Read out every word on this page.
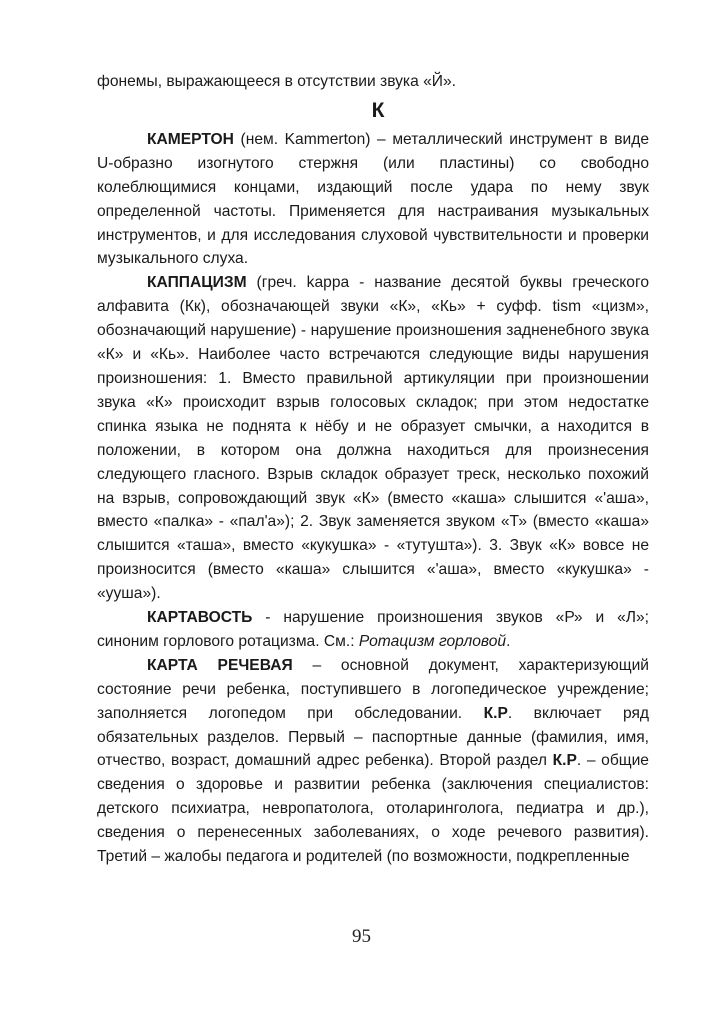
фонемы, выражающееся в отсутствии звука «Й».

К

КАМЕРТОН (нем. Kammerton) – металлический инструмент в виде U-образно изогнутого стержня (или пластины) со свободно колеблющимися концами, издающий после удара по нему звук определенной частоты. Применяется для настраивания музыкальных инструментов, и для исследования слуховой чувствительности и проверки музыкального слуха.

КАППАЦИЗМ (греч. kappa - название десятой буквы греческого алфавита (Кк), обозначающей звуки «К», «Кь» + суфф. tism «цизм», обозначающий нарушение) - нарушение произношения задненебного звука «К» и «Кь». Наиболее часто встречаются следующие виды нарушения произношения: 1. Вместо правильной артикуляции при произношении звука «К» происходит взрыв голосовых складок; при этом недостатке спинка языка не поднята к нёбу и не образует смычки, а находится в положении, в котором она должна находиться для произнесения следующего гласного. Взрыв складок образует треск, несколько похожий на взрыв, сопровождающий звук «К» (вместо «каша» слышится «'аша», вместо «палка» - «пал'а»); 2. Звук заменяется звуком «Т» (вместо «каша» слышится «таша», вместо «кукушка» - «тутушта»). 3. Звук «К» вовсе не произносится (вместо «каша» слышится «'аша», вместо «кукушка» - «ууша»).

КАРТАВОСТЬ - нарушение произношения звуков «Р» и «Л»; синоним горлового ротацизма. См.: Ротацизм горловой.

КАРТА РЕЧЕВАЯ – основной документ, характеризующий состояние речи ребенка, поступившего в логопедическое учреждение; заполняется логопедом при обследовании. К.Р. включает ряд обязательных разделов. Первый – паспортные данные (фамилия, имя, отчество, возраст, домашний адрес ребенка). Второй раздел К.Р. – общие сведения о здоровье и развитии ребенка (заключения специалистов: детского психиатра, невропатолога, отоларинголога, педиатра и др.), сведения о перенесенных заболеваниях, о ходе речевого развития). Третий – жалобы педагога и родителей (по возможности, подкрепленные

95
